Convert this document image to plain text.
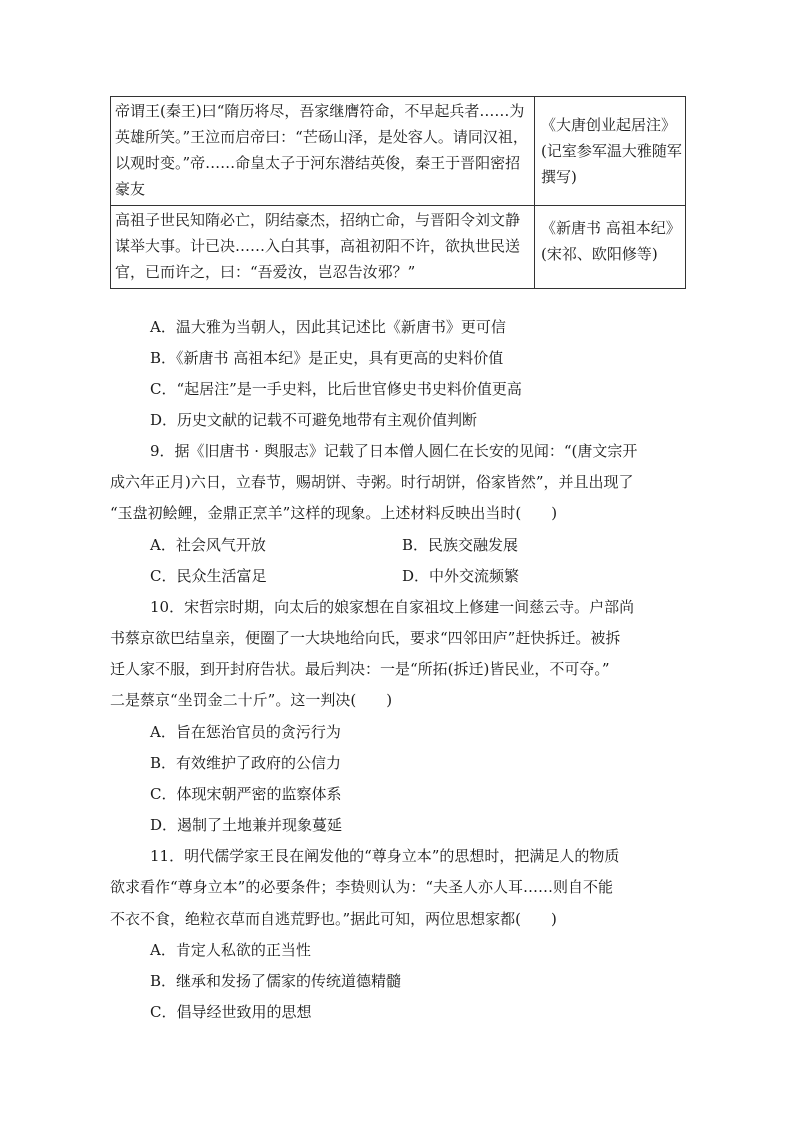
帝谓王(秦王)曰“隋历将尽，吾家继膺符命，不早起兵者……为英雄所笑。”王泣而启帝曰：“芒砀山泽，是处容人。请同汉祖，以观时变。”帝……命皇太子于河东潜结英俊，秦王于晋阳密招豪友	《大唐创业起居注》(记室参军温大雅随军撰写)

高祖子世民知隋必亡，阴结豪杰，招纳亡命，与晋阳令刘文静谋举大事。计已决……入白其事，高祖初阳不许，欲执世民送官，已而许之，曰：“吾爱汝，岂忍告汝邪？”	《新唐书 高祖本纪》(宋祁、欧阳修等)
A．温大雅为当朝人，因此其记述比《新唐书》更可信
B．《新唐书 高祖本纪》是正史，具有更高的史料价值
C．“起居注”是一手史料，比后世官修史书史料价值更高
D．历史文献的记载不可避免地带有主观价值判断
9．据《旧唐书 · 舆服志》记载了日本僧人圆仁在长安的见闻：“(唐文宗开
成六年正月)六日，立春节，赐胡饼、寺粥。时行胡饼，俗家皆然”，并且出现了
“玉盘初鲙鲤，金鼎正烹羊”这样的现象。上述材料反映出当时(　　)
A．社会风气开放	B．民族交融发展
C．民众生活富足	D．中外交流频繁
10．宋哲宗时期，向太后的娘家想在自家祖坟上修建一间慈云寺。户部尚
书蔡京欲巴结皇亲，便圈了一大块地给向氏，要求“四邻田庐”赶快拆迁。被拆
迁人家不服，到开封府告状。最后判决：一是“所拓(拆迁)皆民业，不可夺。”
二是蔡京“坐罚金二十斤”。这一判决(　　)
A．旨在惩治官员的贪污行为
B．有效维护了政府的公信力
C．体现宋朝严密的监察体系
D．遏制了土地兼并现象蔓延
11．明代儒学家王艮在阐发他的“尊身立本”的思想时，把满足人的物质
欲求看作“尊身立本”的必要条件；李贽则认为：“夫圣人亦人耳……则自不能
不衣不食，绝粒衣草而自逃荒野也。”据此可知，两位思想家都(　　)
A．肯定人私欲的正当性
B．继承和发扬了儒家的传统道德精髓
C．倡导经世致用的思想
